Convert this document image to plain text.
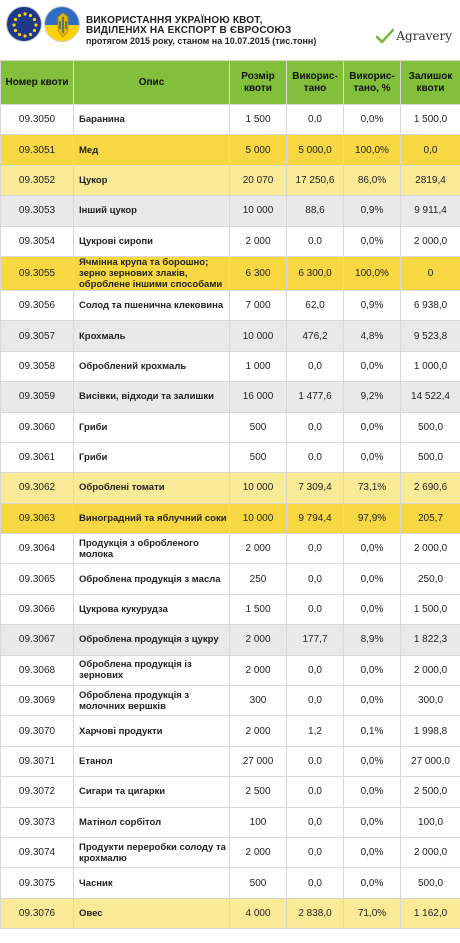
ВИКОРИСТАННЯ УКРАЇНОЮ КВОТ,
ВИДІЛЕНИХ НА ЕКСПОРТ В ЄВРОСОЮЗ
протягом 2015 року, станом на 10.07.2015 (тис.тонн)	Agravery
Номер квоти	Опис	Розмір квоти	Викорис-тано	Викорис-тано, %	Залишок квоти
09.3050	Баранина	1 500	0,0	0,0%	1 500,0
09.3051	Мед	5 000	5 000,0	100,0%	0,0
09.3052	Цукор	20 070	17 250,6	86,0%	2819,4
09.3053	Інший цукор	10 000	88,6	0,9%	9 911,4
09.3054	Цукрові сиропи	2 000	0,0	0,0%	2 000,0
09.3055	Ячмінна крупа та борошно; зерно зернових злаків, оброблене іншими способами	6 300	6 300,0	100,0%	0
09.3056	Солод та пшенична клековина	7 000	62,0	0,9%	6 938,0
09.3057	Крохмаль	10 000	476,2	4,8%	9 523,8
09.3058	Оброблений крохмаль	1 000	0,0	0,0%	1 000,0
09.3059	Висівки, відходи та залишки	16 000	1 477,6	9,2%	14 522,4
09.3060	Гриби	500	0,0	0,0%	500,0
09.3061	Гриби	500	0,0	0,0%	500,0
09.3062	Оброблені томати	10 000	7 309,4	73,1%	2 690,6
09.3063	Виноградний та яблучний соки	10 000	9 794,4	97,9%	205,7
09.3064	Продукція з обробленого молока	2 000	0,0	0,0%	2 000,0
09.3065	Оброблена продукція з масла	250	0,0	0,0%	250,0
09.3066	Цукрова кукурудза	1 500	0,0	0,0%	1 500,0
09.3067	Оброблена продукція з цукру	2 000	177,7	8,9%	1 822,3
09.3068	Оброблена продукція із зернових	2 000	0,0	0,0%	2 000,0
09.3069	Оброблена продукція з молочних вершків	300	0,0	0,0%	300,0
09.3070	Харчові продукти	2 000	1,2	0,1%	1 998,8
09.3071	Етанол	27 000	0,0	0,0%	27 000,0
09.3072	Сигари та цигарки	2 500	0,0	0,0%	2 500,0
09.3073	Матінол сорбітол	100	0,0	0,0%	100,0
09.3074	Продукти переробки солоду та крохмалю	2 000	0,0	0,0%	2 000,0
09.3075	Часник	500	0,0	0,0%	500,0
09.3076	Овес	4 000	2 838,0	71,0%	1 162,0
